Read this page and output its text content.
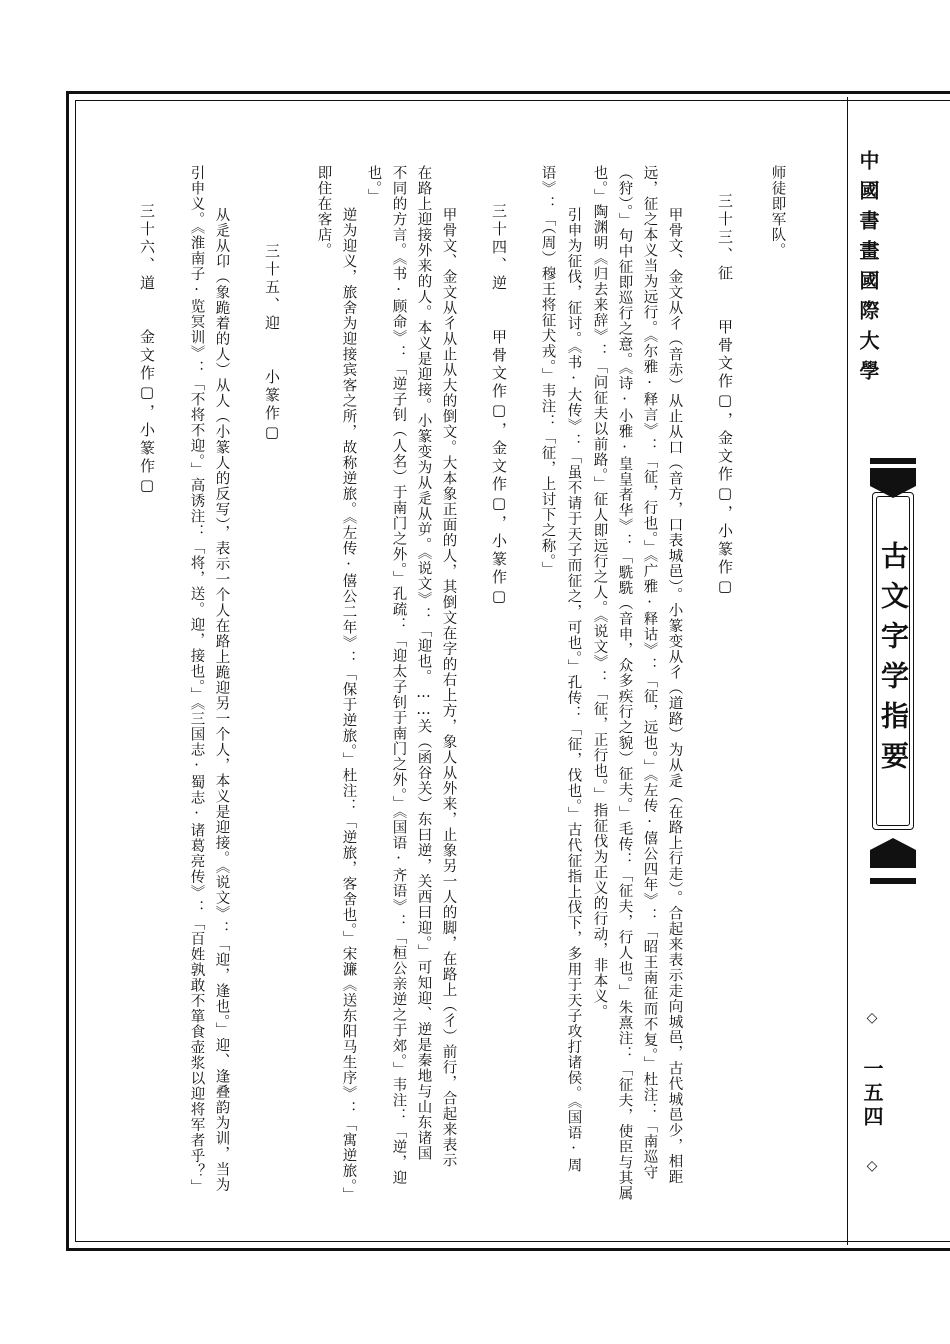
师徒即军队。
三十三、征　　甲骨文作▢，金文作▢，小篆作▢
甲骨文、金文从彳（音赤）从止从口（音方，口表城邑）。小篆变从彳（道路）为从辵（在路上行走）。合起来表示走向城邑，古代城邑少，相距
远，征之本义当为远行。《尔雅·释言》：「征，行也。」《广雅·释诂》：「征，远也。」《左传·僖公四年》：「昭王南征而不复。」杜注：「南巡守
（狩）。」句中征即巡行之意。《诗·小雅·皇皇者华》：「駪駪（音申，众多疾行之貌）征夫。」毛传：「征夫，行人也。」朱熹注：「征夫，使臣与其属
也。」陶渊明《归去来辞》：「问征夫以前路。」征人即远行之人。《说文》：「征，正行也。」指征伐为正义的行动，非本义。
引申为征伐，征讨。《书·大传》：「虽不请于天子而征之，可也。」孔传：「征，伐也。」古代征指上伐下，多用于天子攻打诸侯。《国语·周
语》：「（周）穆王将征犬戎。」韦注：「征，上讨下之称。」
三十四、逆　　甲骨文作▢，金文作▢，小篆作▢
甲骨文、金文从彳从止从大的倒文。大本象正面的人，其倒文在字的右上方，象人从外来，止象另一人的脚，在路上（彳）前行，合起来表示
在路上迎接外来的人。本义是迎接。小篆变为从辵从屰。《说文》：「迎也。……关（函谷关）东曰逆，关西曰迎。」可知迎、逆是秦地与山东诸国
不同的方言。《书·顾命》：「逆子钊（人名）于南门之外。」孔疏：「迎太子钊于南门之外。」《国语·齐语》：「桓公亲逆之于郊。」韦注：「逆，迎
也。」
逆为迎义，旅舍为迎接宾客之所，故称逆旅。《左传·僖公二年》：「保于逆旅。」杜注：「逆旅，客舍也。」宋濂《送东阳马生序》：「寓逆旅。」
即住在客店。
三十五、迎　　小篆作▢
从辵从卬（象跪着的人）从人（小篆人的反写），表示一个人在路上跪迎另一个人，本义是迎接。《说文》：「迎，逢也。」迎、逢叠韵为训，当为
引申义。《淮南子·览冥训》：「不将不迎。」高诱注：「将，送。迎，接也。」《三国志·蜀志·诸葛亮传》：「百姓孰敢不箪食壶浆以迎将军者乎？」
三十六、道　　金文作▢，小篆作▢	中國書畫國際大學
古文字学指要
◇ 一五四 ◇
